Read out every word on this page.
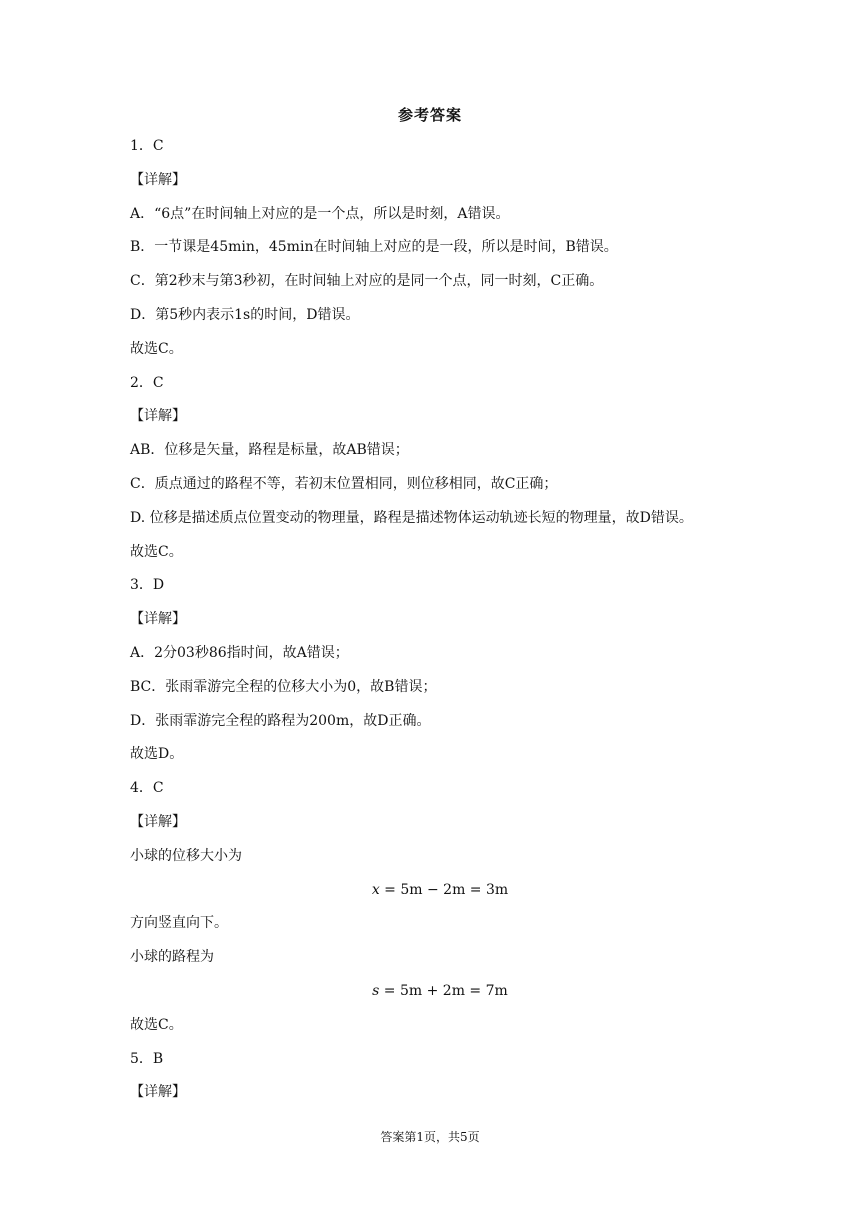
参考答案
1．C
【详解】
A．“6点”在时间轴上对应的是一个点，所以是时刻，A错误。
B．一节课是45min，45min在时间轴上对应的是一段，所以是时间，B错误。
C．第2秒末与第3秒初，在时间轴上对应的是同一个点，同一时刻，C正确。
D．第5秒内表示1s的时间，D错误。
故选C。
2．C
【详解】
AB．位移是矢量，路程是标量，故AB错误；
C．质点通过的路程不等，若初末位置相同，则位移相同，故C正确；
D. 位移是描述质点位置变动的物理量，路程是描述物体运动轨迹长短的物理量，故D错误。
故选C。
3．D
【详解】
A．2分03秒86指时间，故A错误；
BC．张雨霏游完全程的位移大小为0，故B错误；
D．张雨霏游完全程的路程为200m，故D正确。
故选D。
4．C
【详解】
小球的位移大小为
x = 5m − 2m = 3m
方向竖直向下。
小球的路程为
s = 5m + 2m = 7m
故选C。
5．B
【详解】
答案第1页，共5页
